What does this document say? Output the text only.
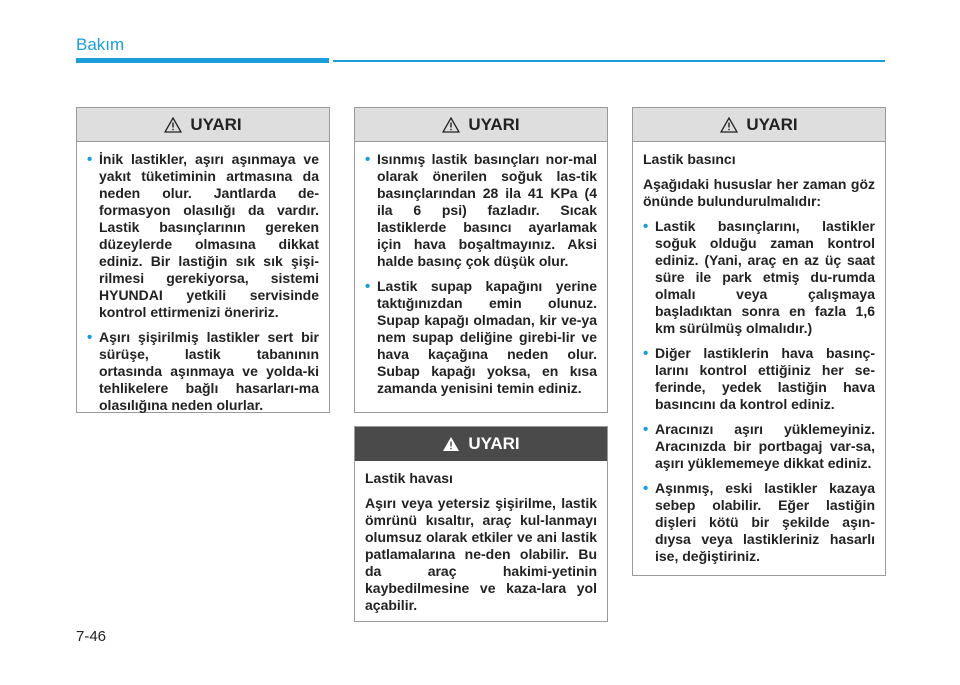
Bakım
UYARI
• İnik lastikler, aşırı aşınmaya ve yakıt tüketiminin artmasına da neden olur. Jantlarda de-formasyon olasılığı da vardır. Lastik basınçlarının gereken düzeylerde olmasına dikkat ediniz. Bir lastiğin sık sık şişi-rilmesi gerekiyorsa, sistemi HYUNDAI yetkili servisinde kontrol ettirmenizi öneririz.
• Aşırı şişirilmiş lastikler sert bir sürüşe, lastik tabanının ortasında aşınmaya ve yolda-ki tehlikelere bağlı hasarları-ma olasılığına neden olurlar.
UYARI
• Isınmış lastik basınçları nor-mal olarak önerilen soğuk las-tik basınçlarından 28 ila 41 KPa (4 ila 6 psi) fazladır. Sıcak lastiklerde basıncı ayarlamak için hava boşaltmayınız. Aksi halde basınç çok düşük olur.
• Lastik supap kapağını yerine taktığınızdan emin olunuz. Supap kapağı olmadan, kir ve-ya nem supap deliğine girebi-lir ve hava kaçağına neden olur. Subap kapağı yoksa, en kısa zamanda yenisini temin ediniz.
UYARI

Lastik havası

Aşırı veya yetersiz şişirilme, lastik ömrünü kısaltır, araç kul-lanmayı olumsuz olarak etkiler ve ani lastik patlamalarına ne-den olabilir. Bu da araç hakimi-yetinin kaybedilmesine ve kaza-lara yol açabilir.

UYARI

Lastik basıncı

Aşağıdaki hususlar her zaman göz önünde bulundurulmalıdır:

• Lastik basınçlarını, lastikler soğuk olduğu zaman kontrol ediniz. (Yani, araç en az üç saat süre ile park etmiş du-rumda olmalı veya çalışmaya başladıktan sonra en fazla 1,6 km sürülmüş olmalıdır.)
• Diğer lastiklerin hava basınç-larını kontrol ettiğiniz her se-ferinde, yedek lastiğin hava basıncını da kontrol ediniz.
• Aracınızı aşırı yüklemeyiniz. Aracınızda bir portbagaj var-sa, aşırı yüklememeye dikkat ediniz.
• Aşınmış, eski lastikler kazaya sebep olabilir. Eğer lastiğin dişleri kötü bir şekilde aşın-dıysa veya lastikleriniz hasarlı ise, değiştiriniz.
7-46
